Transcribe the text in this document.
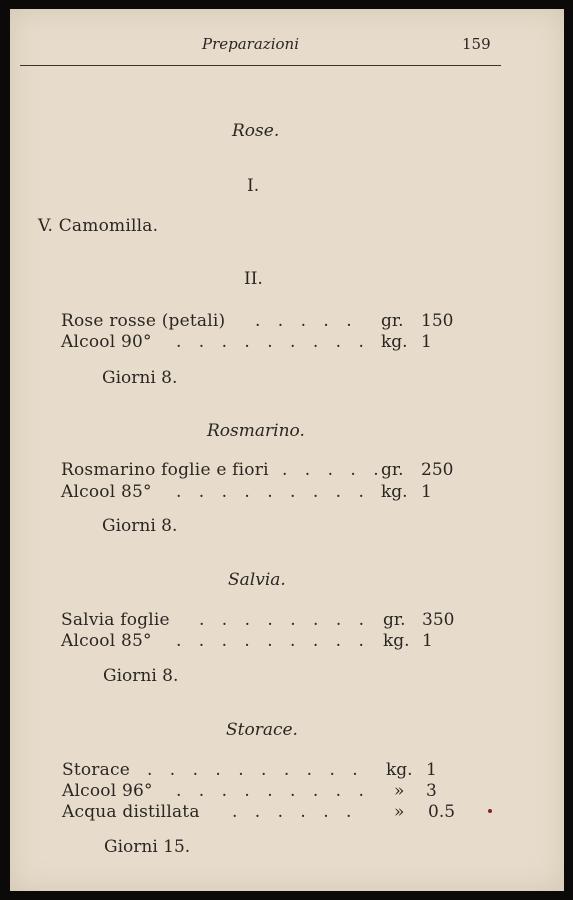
Preparazioni	159
Rose.
I.
V. Camomilla.
II.
Rose rosse (petali) . . . . . gr. 150
Alcool 90° . . . . . . . . . kg. 1
Giorni 8.
Rosmarino.
Rosmarino foglie e fiori . . . . .
gr. 250
Alcool 85° . . . . . . . . . kg. 1
Giorni 8.
Salvia.
Salvia foglie . . . . . . . . gr. 350
Alcool 85° . . . . . . . . . kg. 1
Giorni 8.
Storace.
Storace . . . . . . . . . . kg. 1
Alcool 96° . . . . . . . . . » 3
Acqua distillata . . . . . . » 0.5
Giorni 15.
